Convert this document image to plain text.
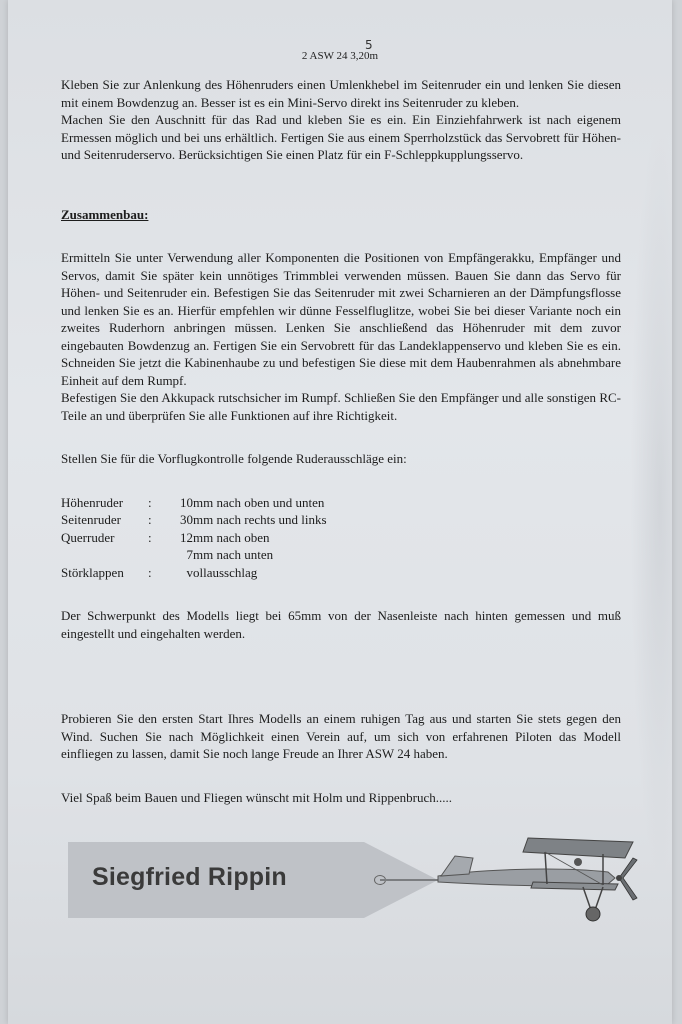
2 ASW 24 3,20m
5

Kleben Sie zur Anlenkung des Höhenruders einen Umlenkhebel im Seitenruder ein und lenken Sie diesen mit einem Bowdenzug an. Besser ist es ein Mini-Servo direkt ins Seitenruder zu kleben.

Machen Sie den Auschnitt für das Rad und kleben Sie es ein. Ein Einziehfahrwerk ist nach eigenem Ermessen möglich und bei uns erhältlich. Fertigen Sie aus einem Sperrholzstück das Servobrett für Höhen- und Seitenruderservo. Berücksichtigen Sie einen Platz für ein F-Schleppkupplungsservo.

Zusammenbau:

Ermitteln Sie unter Verwendung aller Komponenten die Positionen von Empfängerakku, Empfänger und Servos, damit Sie später kein unnötiges Trimmblei verwenden müssen. Bauen Sie dann das Servo für Höhen- und Seitenruder ein. Befestigen Sie das Seitenruder mit zwei Scharnieren an der Dämpfungsflosse und lenken Sie es an. Hierfür empfehlen wir dünne Fesselfluglitze, wobei Sie bei dieser Variante noch ein zweites Ruderhorn anbringen müssen. Lenken Sie anschließend das Höhenruder mit dem zuvor eingebauten Bowdenzug an. Fertigen Sie ein Servobrett für das Landeklappenservo und kleben Sie es ein. Schneiden Sie jetzt die Kabinenhaube zu und befestigen Sie diese mit dem Haubenrahmen als abnehmbare Einheit auf dem Rumpf.

Befestigen Sie den Akkupack rutschsicher im Rumpf. Schließen Sie den Empfänger und alle sonstigen RC-Teile an und überprüfen Sie alle Funktionen auf ihre Richtigkeit.

Stellen Sie für die Vorflugkontrolle folgende Ruderausschläge ein:

Höhenruder	:	10mm nach oben und unten
Seitenruder	:	30mm nach rechts und links
Querruder	:	12mm nach oben
		7mm nach unten
Störklappen	:	vollausschlag

Der Schwerpunkt des Modells liegt bei 65mm von der Nasenleiste nach hinten gemessen und muß eingestellt und eingehalten werden.

Probieren Sie den ersten Start Ihres Modells an einem ruhigen Tag aus und starten Sie stets gegen den Wind. Suchen Sie nach Möglichkeit einen Verein auf, um sich von erfahrenen Piloten das Modell einfliegen zu lassen, damit Sie noch lange Freude an Ihrer ASW 24 haben.

Viel Spaß beim Bauen und Fliegen wünscht mit Holm und Rippenbruch.....

Siegfried Rippin
